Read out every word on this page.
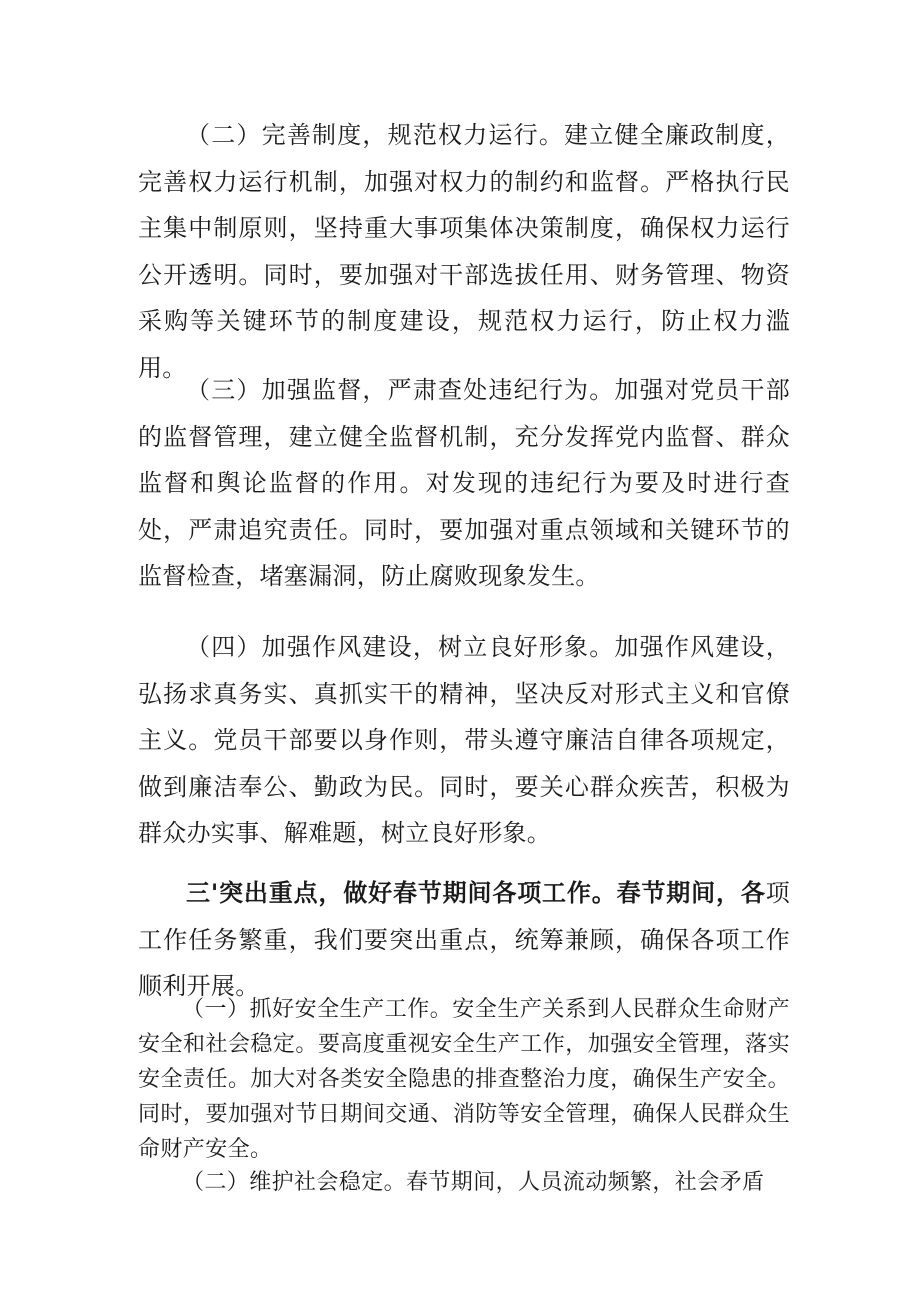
（二）完善制度，规范权力运行。建立健全廉政制度，完善权力运行机制，加强对权力的制约和监督。严格执行民主集中制原则，坚持重大事项集体决策制度，确保权力运行公开透明。同时，要加强对干部选拔任用、财务管理、物资采购等关键环节的制度建设，规范权力运行，防止权力滥用。

（三）加强监督，严肃查处违纪行为。加强对党员干部的监督管理，建立健全监督机制，充分发挥党内监督、群众监督和舆论监督的作用。对发现的违纪行为要及时进行查处，严肃追究责任。同时，要加强对重点领域和关键环节的监督检查，堵塞漏洞，防止腐败现象发生。

（四）加强作风建设，树立良好形象。加强作风建设，弘扬求真务实、真抓实干的精神，坚决反对形式主义和官僚主义。党员干部要以身作则，带头遵守廉洁自律各项规定，做到廉洁奉公、勤政为民。同时，要关心群众疾苦，积极为群众办实事、解难题，树立良好形象。

三'突出重点，做好春节期间各项工作。春节期间，各项工作任务繁重，我们要突出重点，统筹兼顾，确保各项工作顺利开展。

（一）抓好安全生产工作。安全生产关系到人民群众生命财产安全和社会稳定。要高度重视安全生产工作，加强安全管理，落实安全责任。加大对各类安全隐患的排查整治力度，确保生产安全。同时，要加强对节日期间交通、消防等安全管理，确保人民群众生命财产安全。

（二）维护社会稳定。春节期间，人员流动频繁，社会矛盾
